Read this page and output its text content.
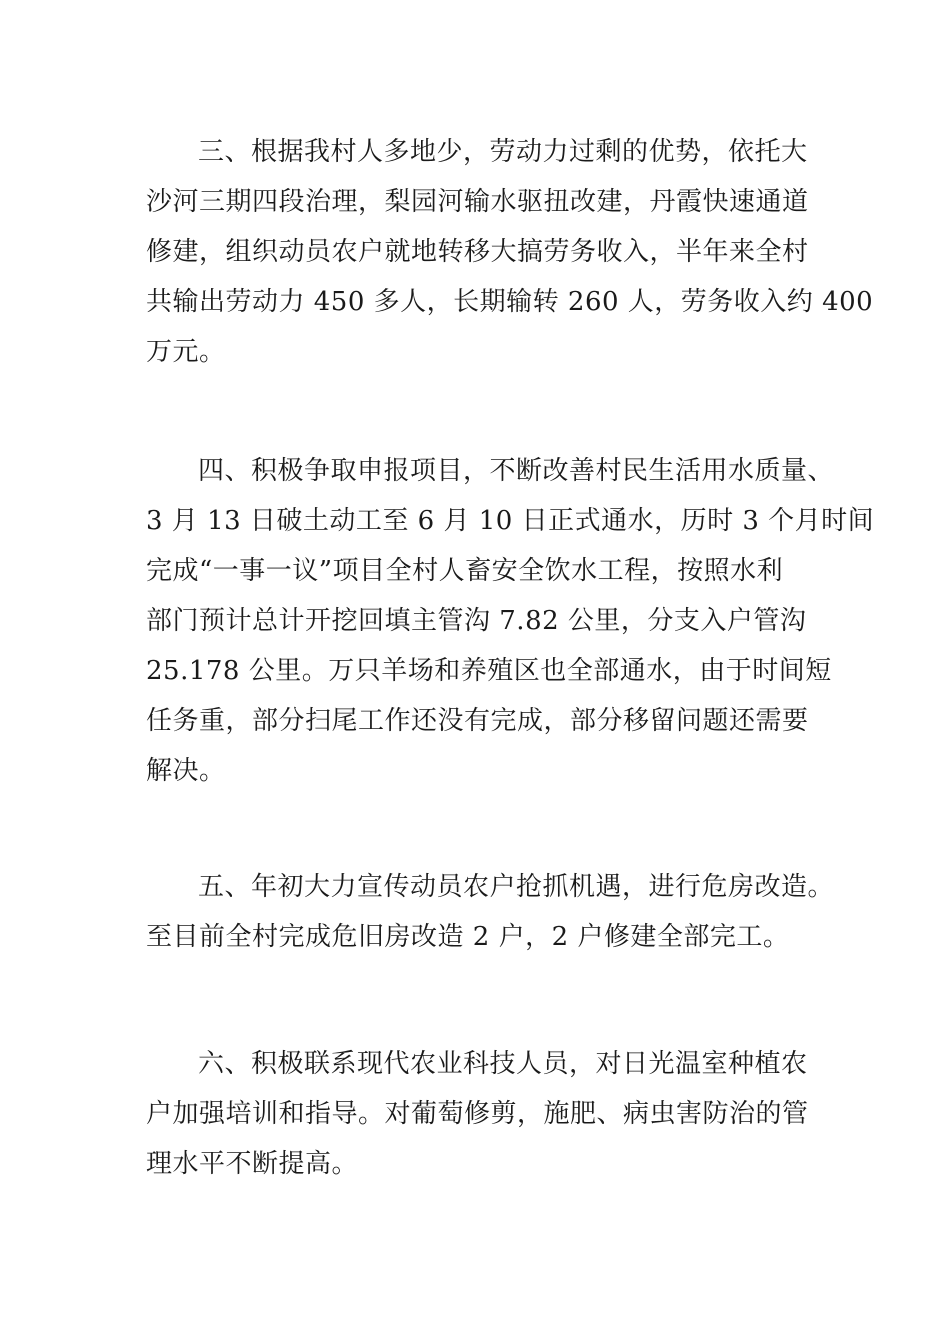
三、根据我村人多地少，劳动力过剩的优势，依托大
沙河三期四段治理，梨园河输水驱扭改建，丹霞快速通道
修建，组织动员农户就地转移大搞劳务收入，半年来全村
共输出劳动力 450 多人，长期输转 260 人，劳务收入约 400
万元。
四、积极争取申报项目，不断改善村民生活用水质量、
3 月 13 日破土动工至 6 月 10 日正式通水，历时 3 个月时间
完成“一事一议”项目全村人畜安全饮水工程，按照水利
部门预计总计开挖回填主管沟 7.82 公里，分支入户管沟
25.178 公里。万只羊场和养殖区也全部通水，由于时间短
任务重，部分扫尾工作还没有完成，部分移留问题还需要
解决。
五、年初大力宣传动员农户抢抓机遇，进行危房改造。
至目前全村完成危旧房改造 2 户，2 户修建全部完工。
六、积极联系现代农业科技人员，对日光温室种植农
户加强培训和指导。对葡萄修剪，施肥、病虫害防治的管
理水平不断提高。
